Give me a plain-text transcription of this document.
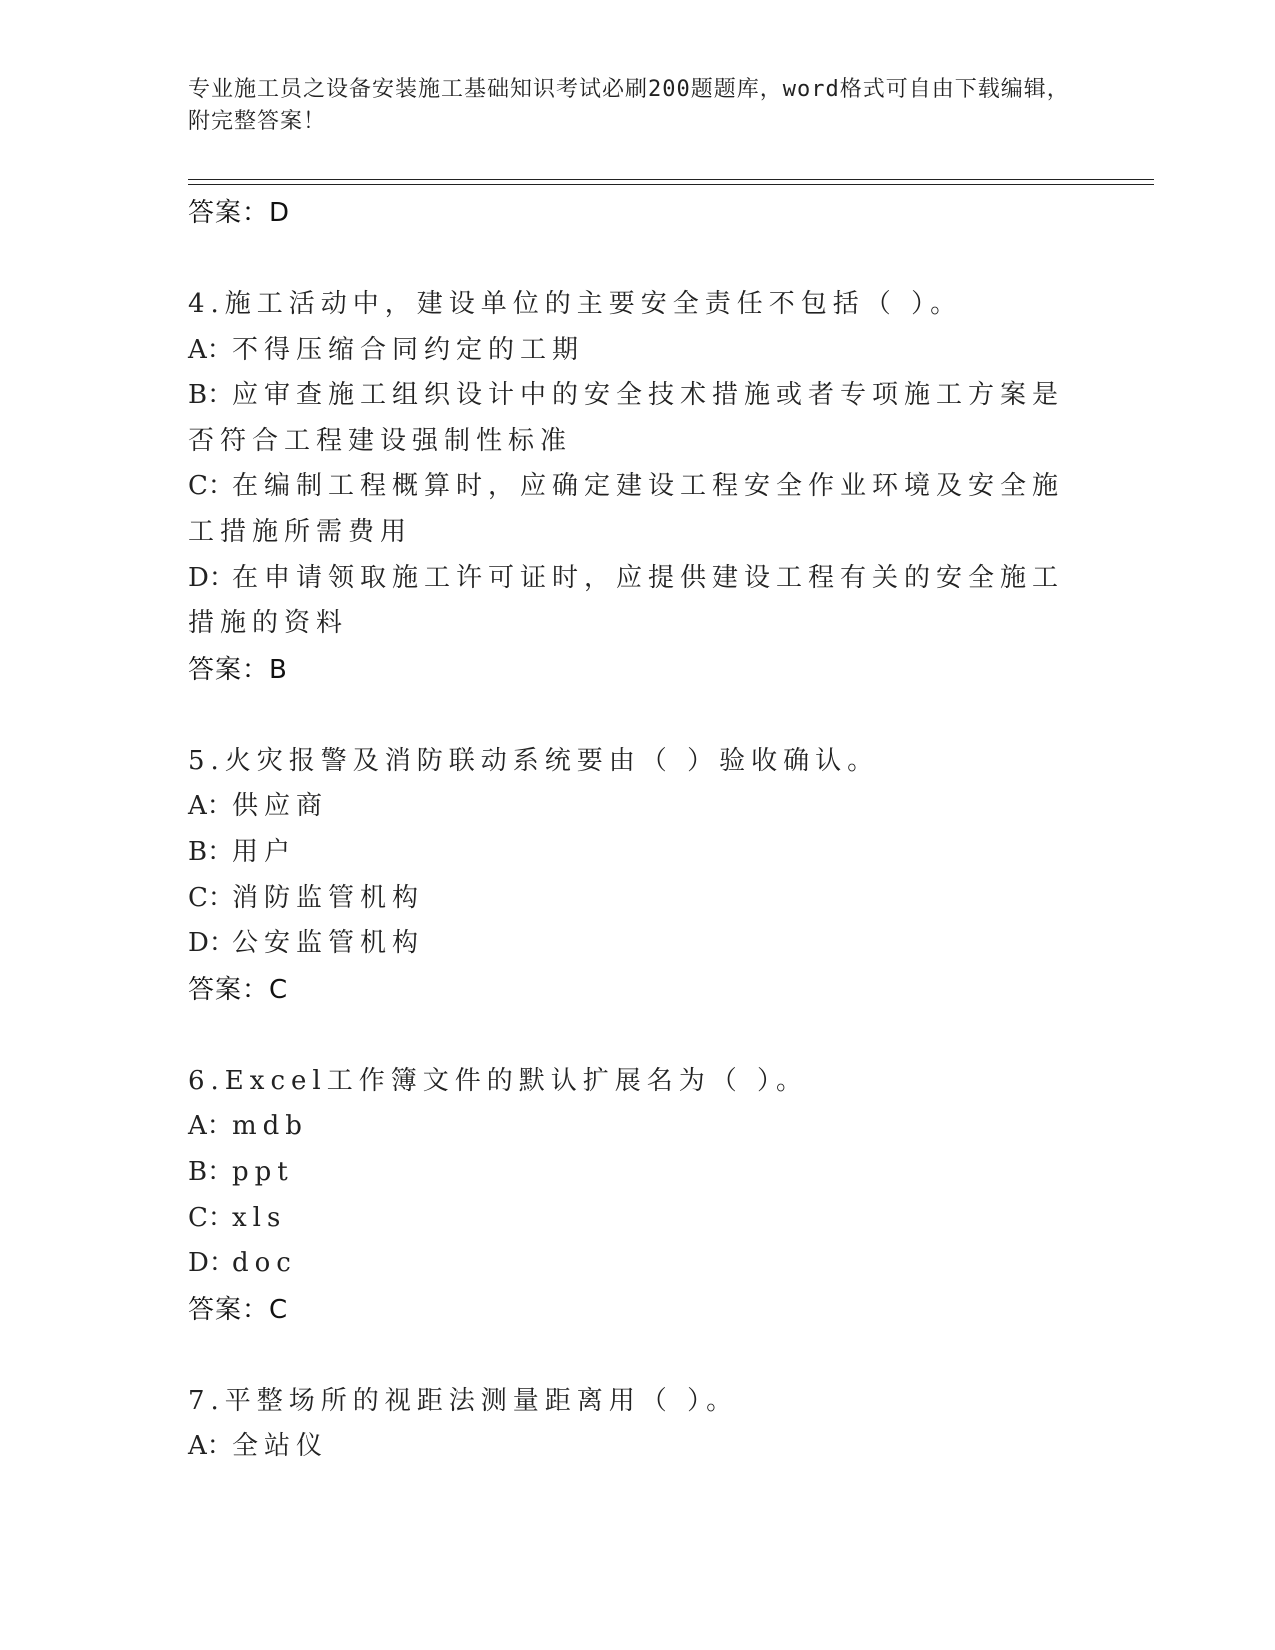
专业施工员之设备安装施工基础知识考试必刷200题题库，word格式可自由下载编辑，附完整答案！
答案：D

4.施工活动中，建设单位的主要安全责任不包括（ ）。

A：不得压缩合同约定的工期

B：应审查施工组织设计中的安全技术措施或者专项施工方案是否符合工程建设强制性标准

C：在编制工程概算时，应确定建设工程安全作业环境及安全施工措施所需费用

D：在申请领取施工许可证时，应提供建设工程有关的安全施工措施的资料

答案：B

5.火灾报警及消防联动系统要由（ ）验收确认。

A：供应商

B：用户

C：消防监管机构

D：公安监管机构

答案：C

6.Excel工作簿文件的默认扩展名为（ ）。

A：mdb

B：ppt

C：xls

D：doc

答案：C

7.平整场所的视距法测量距离用（ ）。

A：全站仪
